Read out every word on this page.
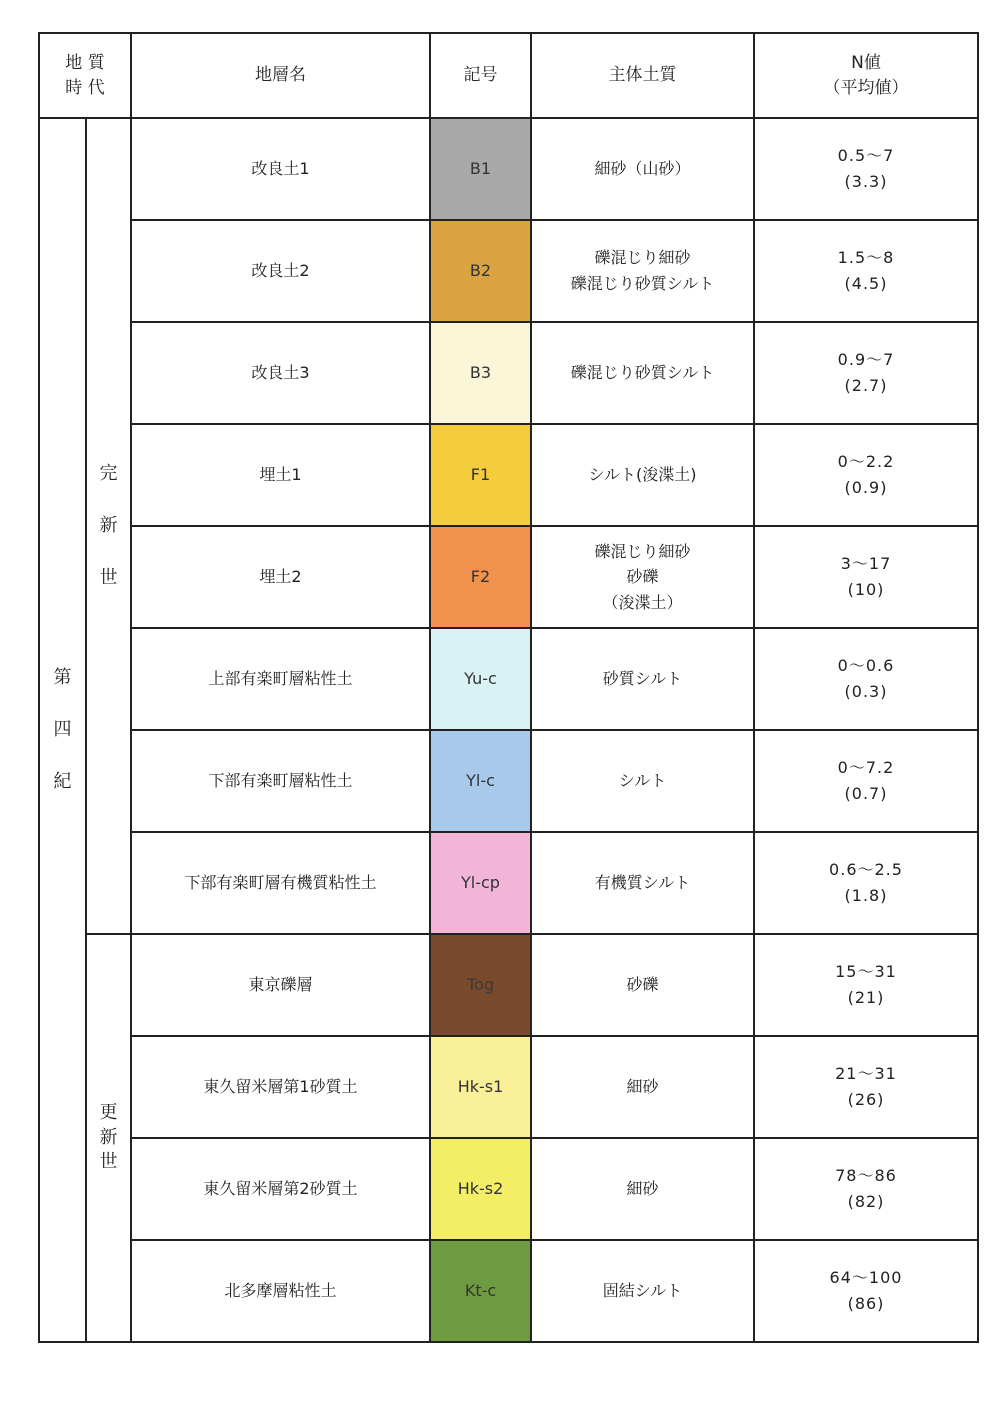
地 質
時 代		地層名	記号	主体土質	N値
（平均値）

第四紀	完新世	改良土1	B1	細砂（山砂）	0.5～7
(3.3)

		改良土2	B2	礫混じり細砂
礫混じり砂質シルト	1.5～8
(4.5)

		改良土3	B3	礫混じり砂質シルト	0.9～7
(2.7)

		埋土1	F1	シルト(浚渫土)	0～2.2
(0.9)

		埋土2	F2	礫混じり細砂
砂礫
（浚渫土）	3～17
(10)

		上部有楽町層粘性土	Yu-c	砂質シルト	0～0.6
(0.3)

		下部有楽町層粘性土	Yl-c	シルト	0～7.2
(0.7)

		下部有楽町層有機質粘性土	Yl-cp	有機質シルト	0.6～2.5
(1.8)

	更新世	東京礫層	Tog	砂礫	15～31
(21)

		東久留米層第1砂質土	Hk-s1	細砂	21～31
(26)

		東久留米層第2砂質土	Hk-s2	細砂	78～86
(82)

		北多摩層粘性土	Kt-c	固結シルト	64～100
(86)
